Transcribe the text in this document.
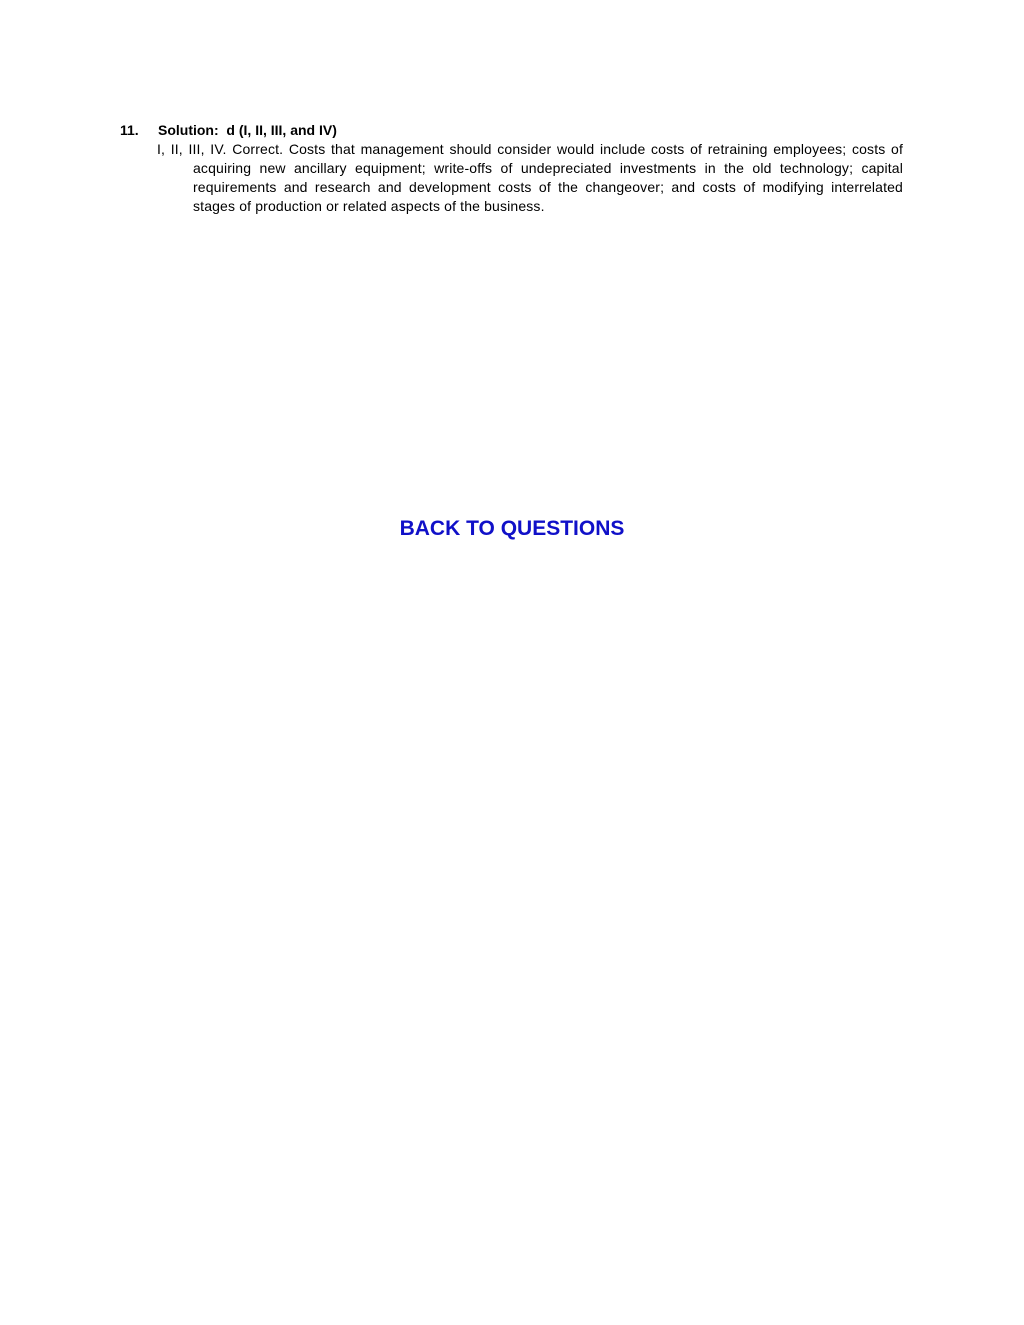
11. Solution:  d (I, II, III, and IV)

I, II, III, IV. Correct. Costs that management should consider would include costs of retraining employees; costs of acquiring new ancillary equipment; write-offs of undepreciated investments in the old technology; capital requirements and research and development costs of the changeover; and costs of modifying interrelated stages of production or related aspects of the business.

BACK TO QUESTIONS
